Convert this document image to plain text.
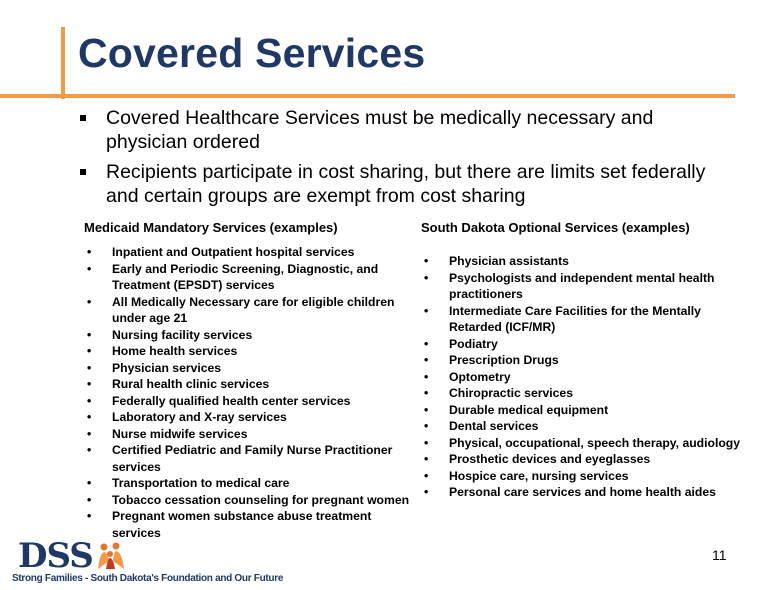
Covered Services
Covered Healthcare Services must be medically necessary and physician ordered
Recipients participate in cost sharing, but there are limits set federally and certain groups are exempt from cost sharing
Medicaid Mandatory Services (examples)
• Inpatient and Outpatient hospital services
• Early and Periodic Screening, Diagnostic, and Treatment (EPSDT) services
• All Medically Necessary care for eligible children under age 21
• Nursing facility services
• Home health services
• Physician services
• Rural health clinic services
• Federally qualified health center services
• Laboratory and X-ray services
• Nurse midwife services
• Certified Pediatric and Family Nurse Practitioner services
• Transportation to medical care
• Tobacco cessation counseling for pregnant women
• Pregnant women substance abuse treatment services
South Dakota Optional Services (examples)
• Physician assistants
• Psychologists and independent mental health practitioners
• Intermediate Care Facilities for the Mentally Retarded (ICF/MR)
• Podiatry
• Prescription Drugs
• Optometry
• Chiropractic services
• Durable medical equipment
• Dental services
• Physical, occupational, speech therapy, audiology
• Prosthetic devices and eyeglasses
• Hospice care, nursing services
• Personal care services and home health aides
DSS
Strong Families - South Dakota's Foundation and Our Future
11
